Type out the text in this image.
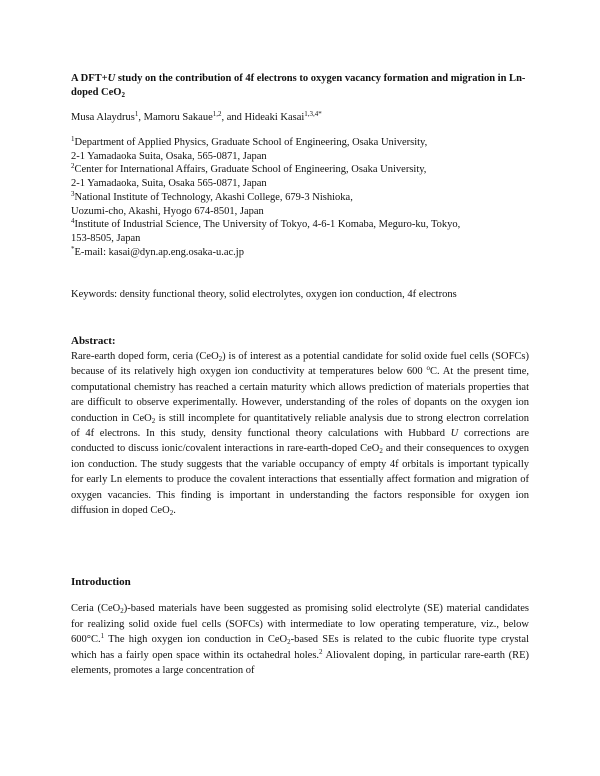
A DFT+U study on the contribution of 4f electrons to oxygen vacancy formation and migration in Ln-doped CeO$_2$
Musa Alaydrus$^1$, Mamoru Sakaue$^{1,2}$, and Hideaki Kasai$^{1,3,4*}$
$^1$Department of Applied Physics, Graduate School of Engineering, Osaka University,
2-1 Yamadaoka Suita, Osaka, 565-0871, Japan
$^2$Center for International Affairs, Graduate School of Engineering, Osaka University,
2-1 Yamadaoka, Suita, Osaka 565-0871, Japan
$^3$National Institute of Technology, Akashi College, 679-3 Nishioka,
Uozumi-cho, Akashi, Hyogo 674-8501, Japan
$^4$Institute of Industrial Science, The University of Tokyo, 4-6-1 Komaba, Meguro-ku, Tokyo,
153-8505, Japan
*E-mail: kasai@dyn.ap.eng.osaka-u.ac.jp
Keywords: density functional theory, solid electrolytes, oxygen ion conduction, 4f electrons
Abstract:

Rare-earth doped form, ceria (CeO$_2$) is of interest as a potential candidate for solid oxide fuel cells (SOFCs) because of its relatively high oxygen ion conductivity at temperatures below 600 $^o$C. At the present time, computational chemistry has reached a certain maturity which allows prediction of materials properties that are difficult to observe experimentally. However, understanding of the roles of dopants on the oxygen ion conduction in CeO$_2$ is still incomplete for quantitatively reliable analysis due to strong electron correlation of 4f electrons. In this study, density functional theory calculations with Hubbard U corrections are conducted to discuss ionic/covalent interactions in rare-earth-doped CeO$_2$ and their consequences to oxygen ion conduction. The study suggests that the variable occupancy of empty 4f orbitals is important typically for early Ln elements to produce the covalent interactions that essentially affect formation and migration of oxygen vacancies. This finding is important in understanding the factors responsible for oxygen ion diffusion in doped CeO$_2$.

Introduction

Ceria (CeO$_2$)-based materials have been suggested as promising solid electrolyte (SE) material candidates for realizing solid oxide fuel cells (SOFCs) with intermediate to low operating temperature, viz., below 600°C.$^1$ The high oxygen ion conduction in CeO$_2$-based SEs is related to the cubic fluorite type crystal which has a fairly open space within its octahedral holes.$^2$ Aliovalent doping, in particular rare-earth (RE) elements, promotes a large concentration of
